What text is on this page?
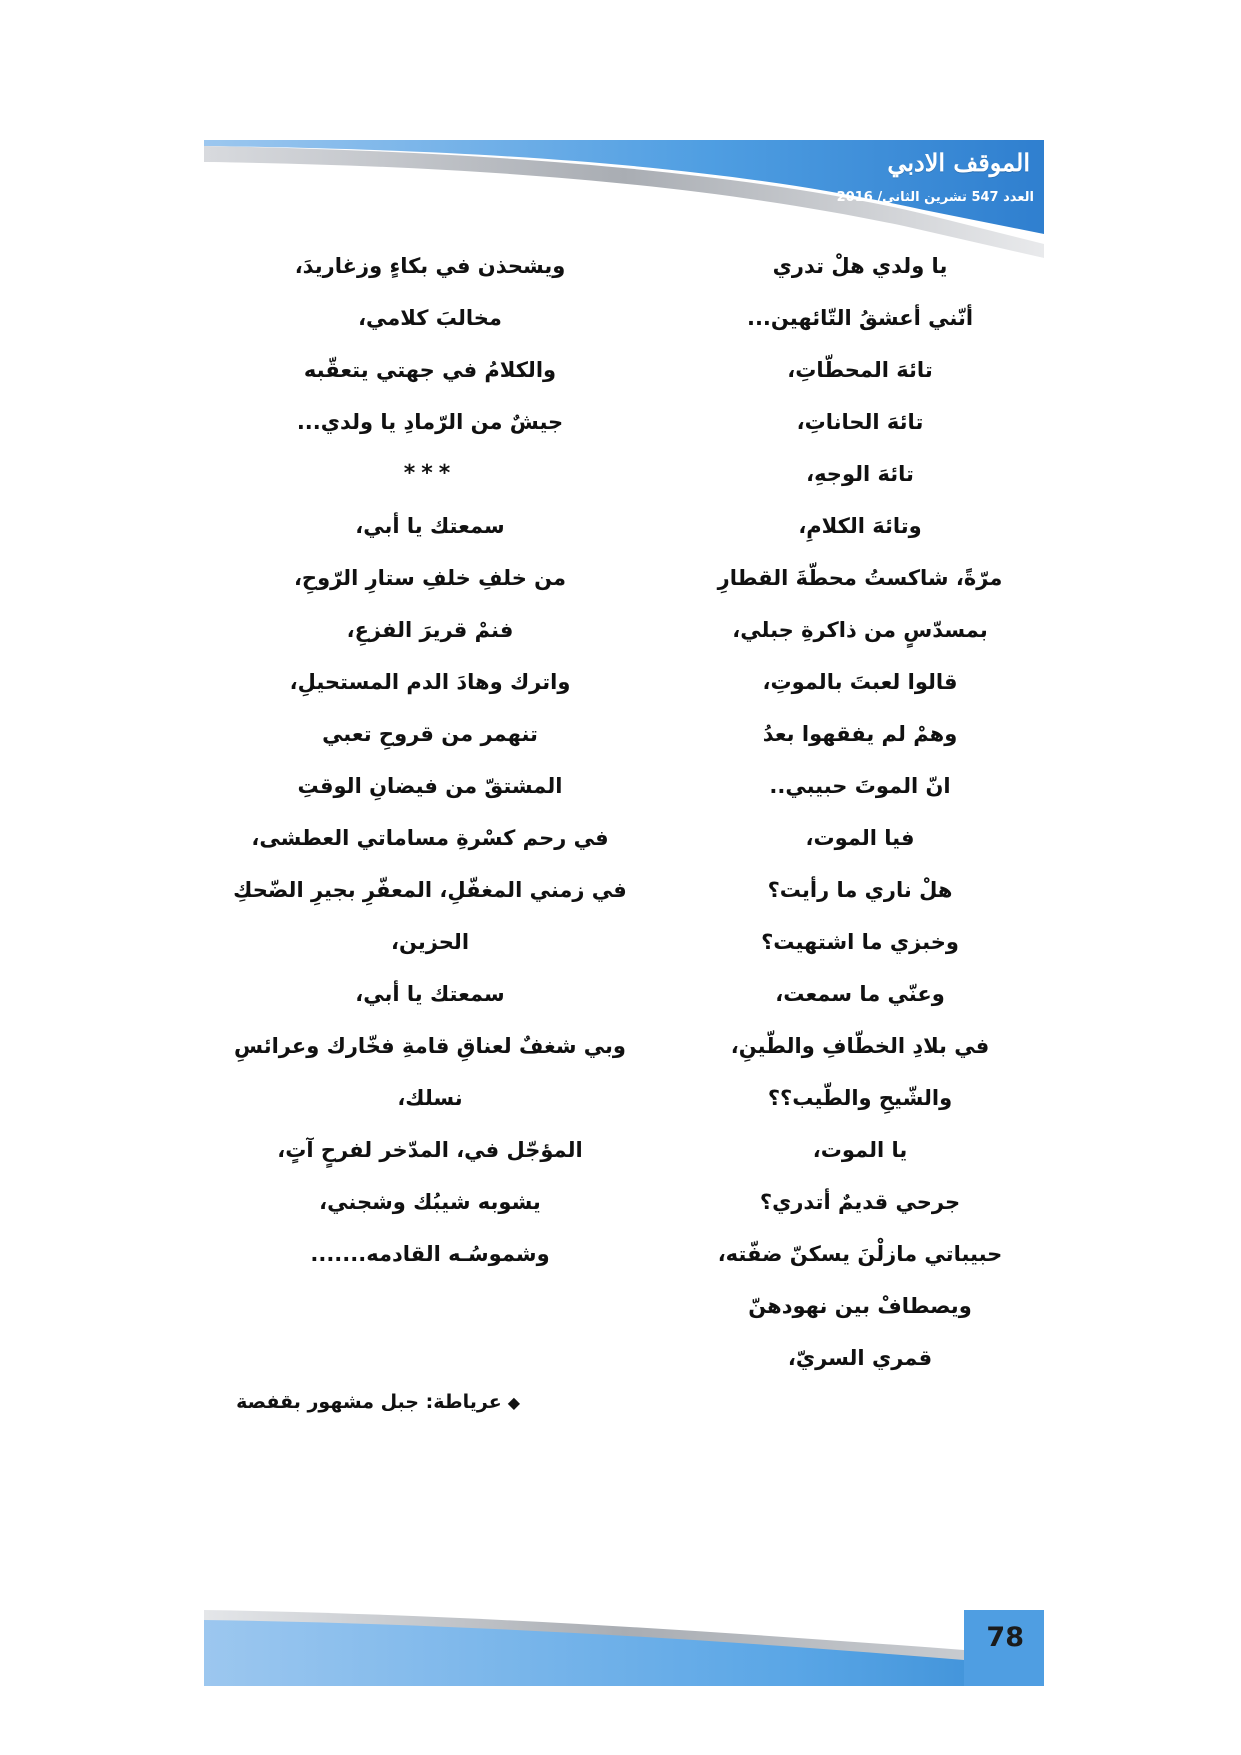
الموقف الادبي
العدد 547 تشرين الثاني/ 2016
يا ولدي هلْ تدري
أنّني أعشقُ التّائهين...
تائهَ المحطّاتِ،
تائهَ الحاناتِ،
تائهَ الوجهِ،
وتائهَ الكلامِ،
مرّةً، شاكستُ محطّةَ القطارِ
بمسدّسٍ من ذاكرةِ جبلي،
قالوا لعبتَ بالموتِ،
وهمْ لم يفقهوا بعدُ
انّ الموتَ حبيبي..
فيا الموت،
هلْ ناري ما رأيت؟
وخبزي ما اشتهيت؟
وعنّي ما سمعت،
في بلادِ الخطّافِ والطّينِ،
والشّيحِ والطّيب؟؟
يا الموت،
جرحي قديمٌ أتدري؟
حبيباتي مازلْنَ يسكنّ ضفّته،
ويصطافْ بين نهودهنّ
قمري السريّ،
ويشحذن في بكاءٍ وزغاريدَ،
مخالبَ كلامي،
والكلامُ في جهتي يتعقّبه
جيشٌ من الرّمادِ يا ولدي...
***
سمعتك يا أبي،
من خلفِ خلفِ ستارِ الرّوحِ،
فنمْ قريرَ الفزعِ،
واترك وهادَ الدم المستحيلِ،
تنهمر من قروحِ تعبي
المشتقّ من فيضانِ الوقتِ
في رحم كسْرةِ مساماتي العطشى،
في زمني المغفّلِ، المعفّرِ بجيرِ الضّحكِ
الحزين،
سمعتك يا أبي،
وبي شغفٌ لعناقِ قامةِ فخّارك وعرائسِ
نسلك،
المؤجّل في، المدّخر لفرحٍ آتٍ،
يشوبه شيبُك وشجني،
وشموسُـه القادمه.......
◆عرياطة: جبل مشهور بقفصة
78
